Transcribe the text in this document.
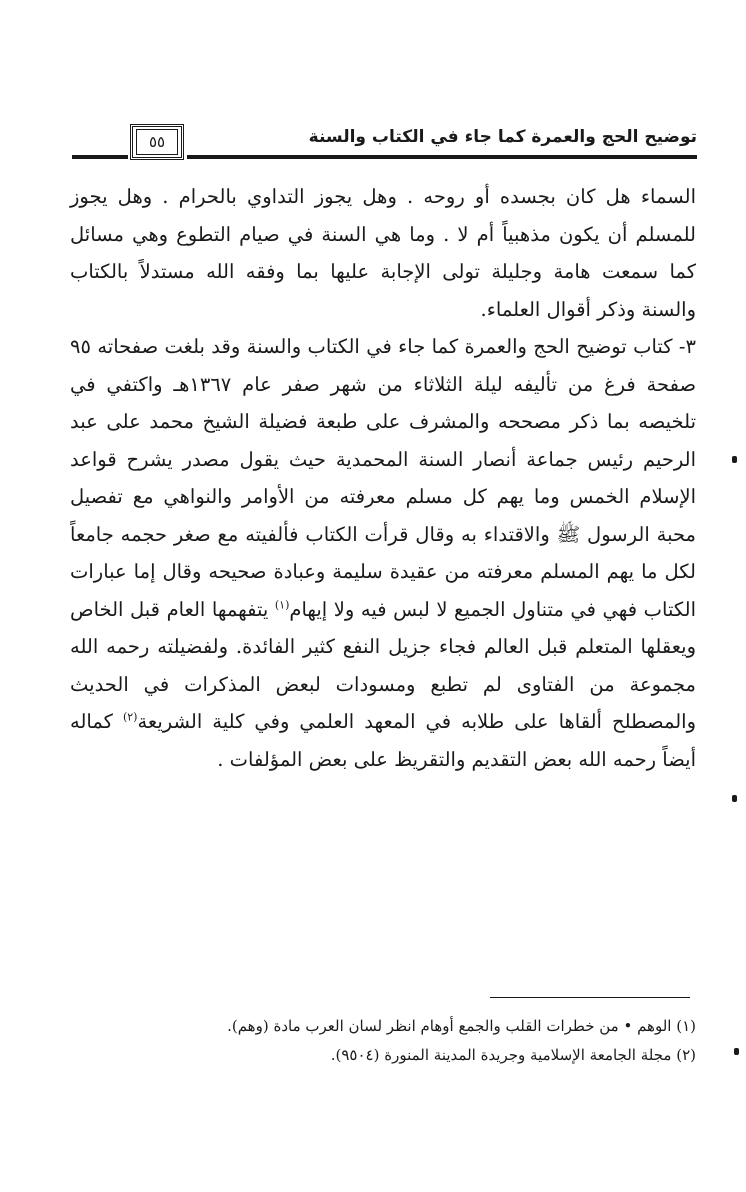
توضيح الحج والعمرة كما جاء في الكتاب والسنة
٥٥

السماء هل كان بجسده أو روحه . وهل يجوز التداوي بالحرام . وهل يجوز للمسلم أن يكون مذهبياً أم لا . وما هي السنة في صيام التطوع وهي مسائل كما سمعت هامة وجليلة تولى الإجابة عليها بما وفقه الله مستدلاً بالكتاب والسنة وذكر أقوال العلماء.

٣- كتاب توضيح الحج والعمرة كما جاء في الكتاب والسنة وقد بلغت صفحاته ٩٥ صفحة فرغ من تأليفه ليلة الثلاثاء من شهر صفر عام ١٣٦٧هـ واكتفي في تلخيصه بما ذكر مصححه والمشرف على طبعة فضيلة الشيخ محمد على عبد الرحيم رئيس جماعة أنصار السنة المحمدية حيث يقول مصدر يشرح قواعد الإسلام الخمس وما يهم كل مسلم معرفته من الأوامر والنواهي مع تفصيل محبة الرسول ﷺ والاقتداء به وقال قرأت الكتاب فألفيته مع صغر حجمه جامعاً لكل ما يهم المسلم معرفته من عقيدة سليمة وعبادة صحيحه وقال إما عبارات الكتاب فهي في متناول الجميع لا لبس فيه ولا إيهام$^{(١)}$ يتفهمها العام قبل الخاص ويعقلها المتعلم قبل العالم فجاء جزيل النفع كثير الفائدة. ولفضيلته رحمه الله مجموعة من الفتاوى لم تطبع ومسودات لبعض المذكرات في الحديث والمصطلح ألقاها على طلابه في المعهد العلمي وفي كلية الشريعة$^{(٢)}$ كماله أيضاً رحمه الله بعض التقديم والتقريظ على بعض المؤلفات .

(١) الوهم • من خطرات القلب والجمع أوهام انظر لسان العرب مادة (وهم).
(٢) مجلة الجامعة الإسلامية وجريدة المدينة المنورة (٩٥٠٤).
